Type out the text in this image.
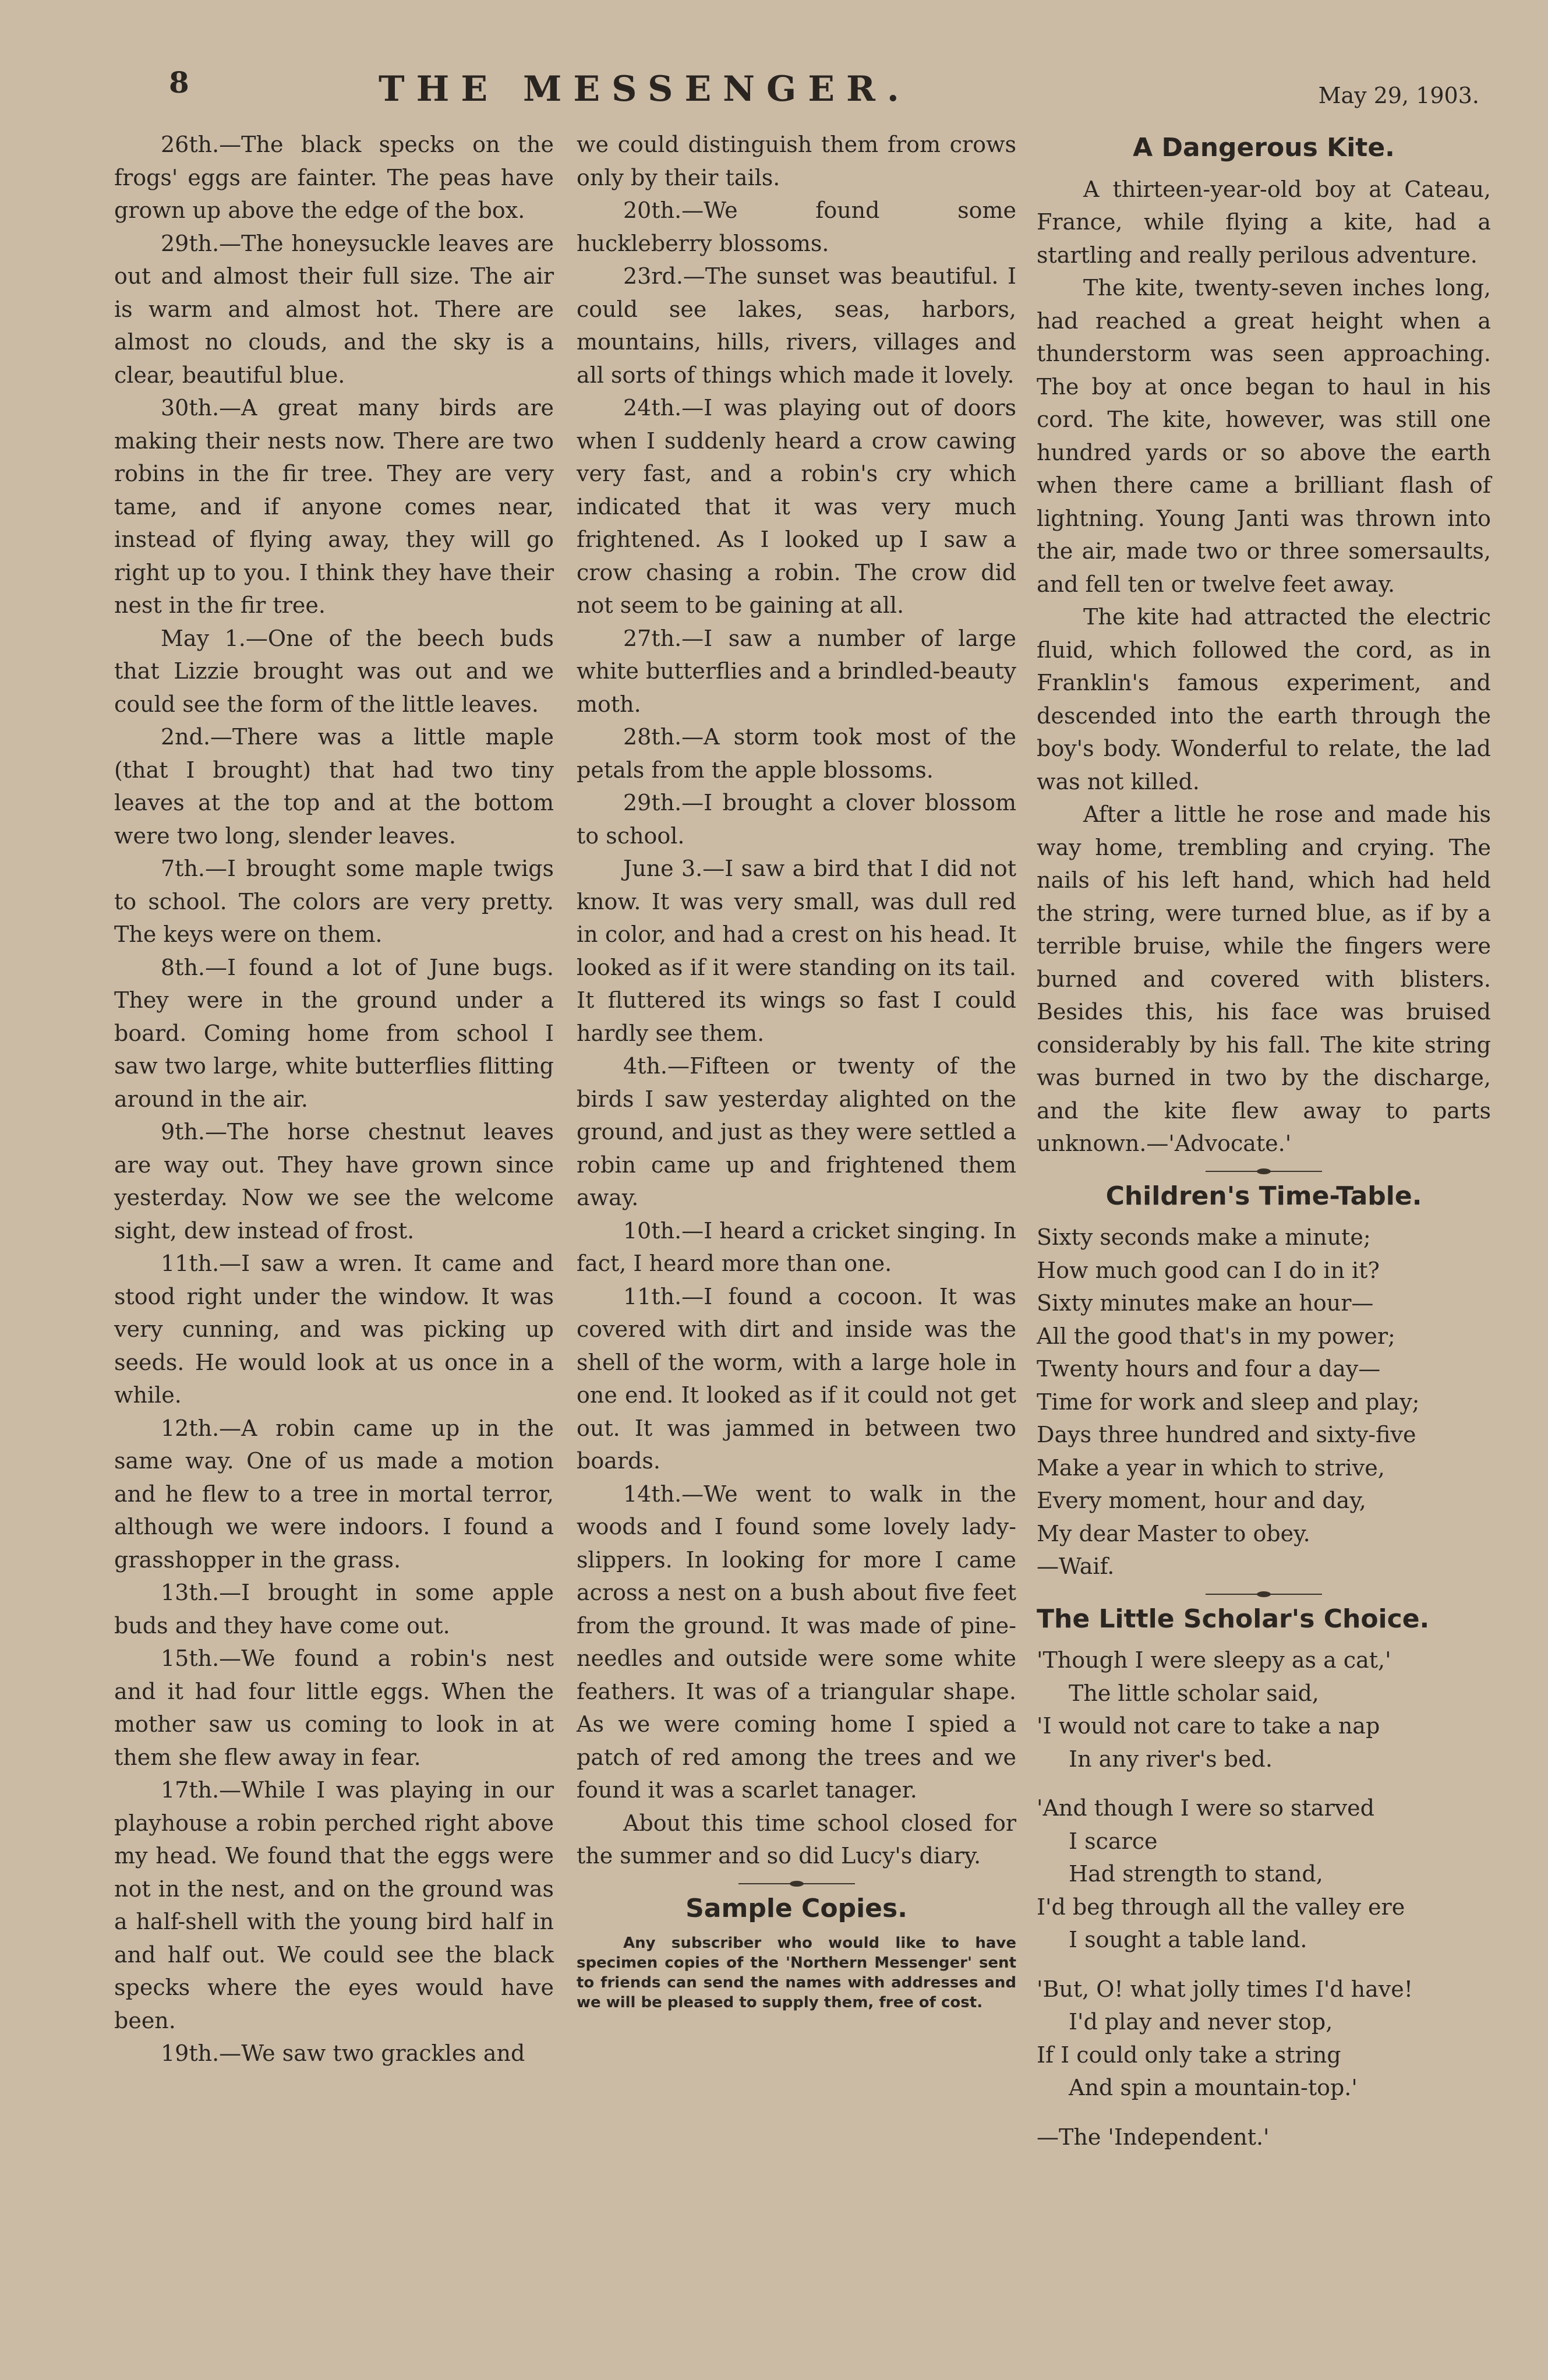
8	THE MESSENGER.	May 29, 1903.

26th.—The black specks on the frogs' eggs are fainter. The peas have grown up above the edge of the box.

29th.—The honeysuckle leaves are out and almost their full size. The air is warm and almost hot. There are almost no clouds, and the sky is a clear, beautiful blue.

30th.—A great many birds are making their nests now. There are two robins in the fir tree. They are very tame, and if anyone comes near, instead of flying away, they will go right up to you. I think they have their nest in the fir tree.

May 1.—One of the beech buds that Lizzie brought was out and we could see the form of the little leaves.

2nd.—There was a little maple (that I brought) that had two tiny leaves at the top and at the bottom were two long, slender leaves.

7th.—I brought some maple twigs to school. The colors are very pretty. The keys were on them.

8th.—I found a lot of June bugs. They were in the ground under a board. Coming home from school I saw two large, white butterflies flitting around in the air.

9th.—The horse chestnut leaves are way out. They have grown since yesterday. Now we see the welcome sight, dew instead of frost.

11th.—I saw a wren. It came and stood right under the window. It was very cunning, and was picking up seeds. He would look at us once in a while.

12th.—A robin came up in the same way. One of us made a motion and he flew to a tree in mortal terror, although we were indoors. I found a grasshopper in the grass.

13th.—I brought in some apple buds and they have come out.

15th.—We found a robin's nest and it had four little eggs. When the mother saw us coming to look in at them she flew away in fear.

17th.—While I was playing in our playhouse a robin perched right above my head. We found that the eggs were not in the nest, and on the ground was a half-shell with the young bird half in and half out. We could see the black specks where the eyes would have been.

19th.—We saw two grackles and

we could distinguish them from crows only by their tails.

20th.—We found some huckleberry blossoms.

23rd.—The sunset was beautiful. I could see lakes, seas, harbors, mountains, hills, rivers, villages and all sorts of things which made it lovely.

24th.—I was playing out of doors when I suddenly heard a crow cawing very fast, and a robin's cry which indicated that it was very much frightened. As I looked up I saw a crow chasing a robin. The crow did not seem to be gaining at all.

27th.—I saw a number of large white butterflies and a brindled-beauty moth.

28th.—A storm took most of the petals from the apple blossoms.

29th.—I brought a clover blossom to school.

June 3.—I saw a bird that I did not know. It was very small, was dull red in color, and had a crest on his head. It looked as if it were standing on its tail. It fluttered its wings so fast I could hardly see them.

4th.—Fifteen or twenty of the birds I saw yesterday alighted on the ground, and just as they were settled a robin came up and frightened them away.

10th.—I heard a cricket singing. In fact, I heard more than one.

11th.—I found a cocoon. It was covered with dirt and inside was the shell of the worm, with a large hole in one end. It looked as if it could not get out. It was jammed in between two boards.

14th.—We went to walk in the woods and I found some lovely lady-slippers. In looking for more I came across a nest on a bush about five feet from the ground. It was made of pine-needles and outside were some white feathers. It was of a triangular shape. As we were coming home I spied a patch of red among the trees and we found it was a scarlet tanager.

About this time school closed for the summer and so did Lucy's diary.

Sample Copies.

Any subscriber who would like to have specimen copies of the 'Northern Messenger' sent to friends can send the names with addresses and we will be pleased to supply them, free of cost.

A Dangerous Kite.

A thirteen-year-old boy at Cateau, France, while flying a kite, had a startling and really perilous adventure.

The kite, twenty-seven inches long, had reached a great height when a thunderstorm was seen approaching. The boy at once began to haul in his cord. The kite, however, was still one hundred yards or so above the earth when there came a brilliant flash of lightning. Young Janti was thrown into the air, made two or three somersaults, and fell ten or twelve feet away.

The kite had attracted the electric fluid, which followed the cord, as in Franklin's famous experiment, and descended into the earth through the boy's body. Wonderful to relate, the lad was not killed.

After a little he rose and made his way home, trembling and crying. The nails of his left hand, which had held the string, were turned blue, as if by a terrible bruise, while the fingers were burned and covered with blisters. Besides this, his face was bruised considerably by his fall. The kite string was burned in two by the discharge, and the kite flew away to parts unknown.—'Advocate.'

Children's Time-Table.

Sixty seconds make a minute;

How much good can I do in it?

Sixty minutes make an hour—

All the good that's in my power;

Twenty hours and four a day—

Time for work and sleep and play;

Days three hundred and sixty-five

Make a year in which to strive,

Every moment, hour and day,

My dear Master to obey.

—Waif.

The Little Scholar's Choice.

'Though I were sleepy as a cat,'

The little scholar said,

'I would not care to take a nap

In any river's bed.

'And though I were so starved

I scarce

Had strength to stand,

I'd beg through all the valley ere

I sought a table land.

'But, O! what jolly times I'd have!

I'd play and never stop,

If I could only take a string

And spin a mountain-top.'

—The 'Independent.'
